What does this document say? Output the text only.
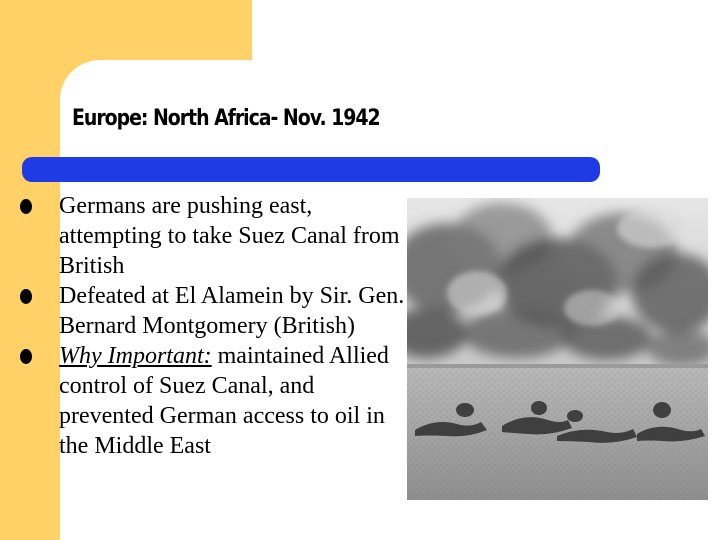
Europe: North Africa- Nov. 1942
Germans are pushing east, attempting to take Suez Canal from British
Defeated at El Alamein by Sir. Gen. Bernard Montgomery (British)
Why Important: maintained Allied control of Suez Canal, and prevented German access to oil in the Middle East
